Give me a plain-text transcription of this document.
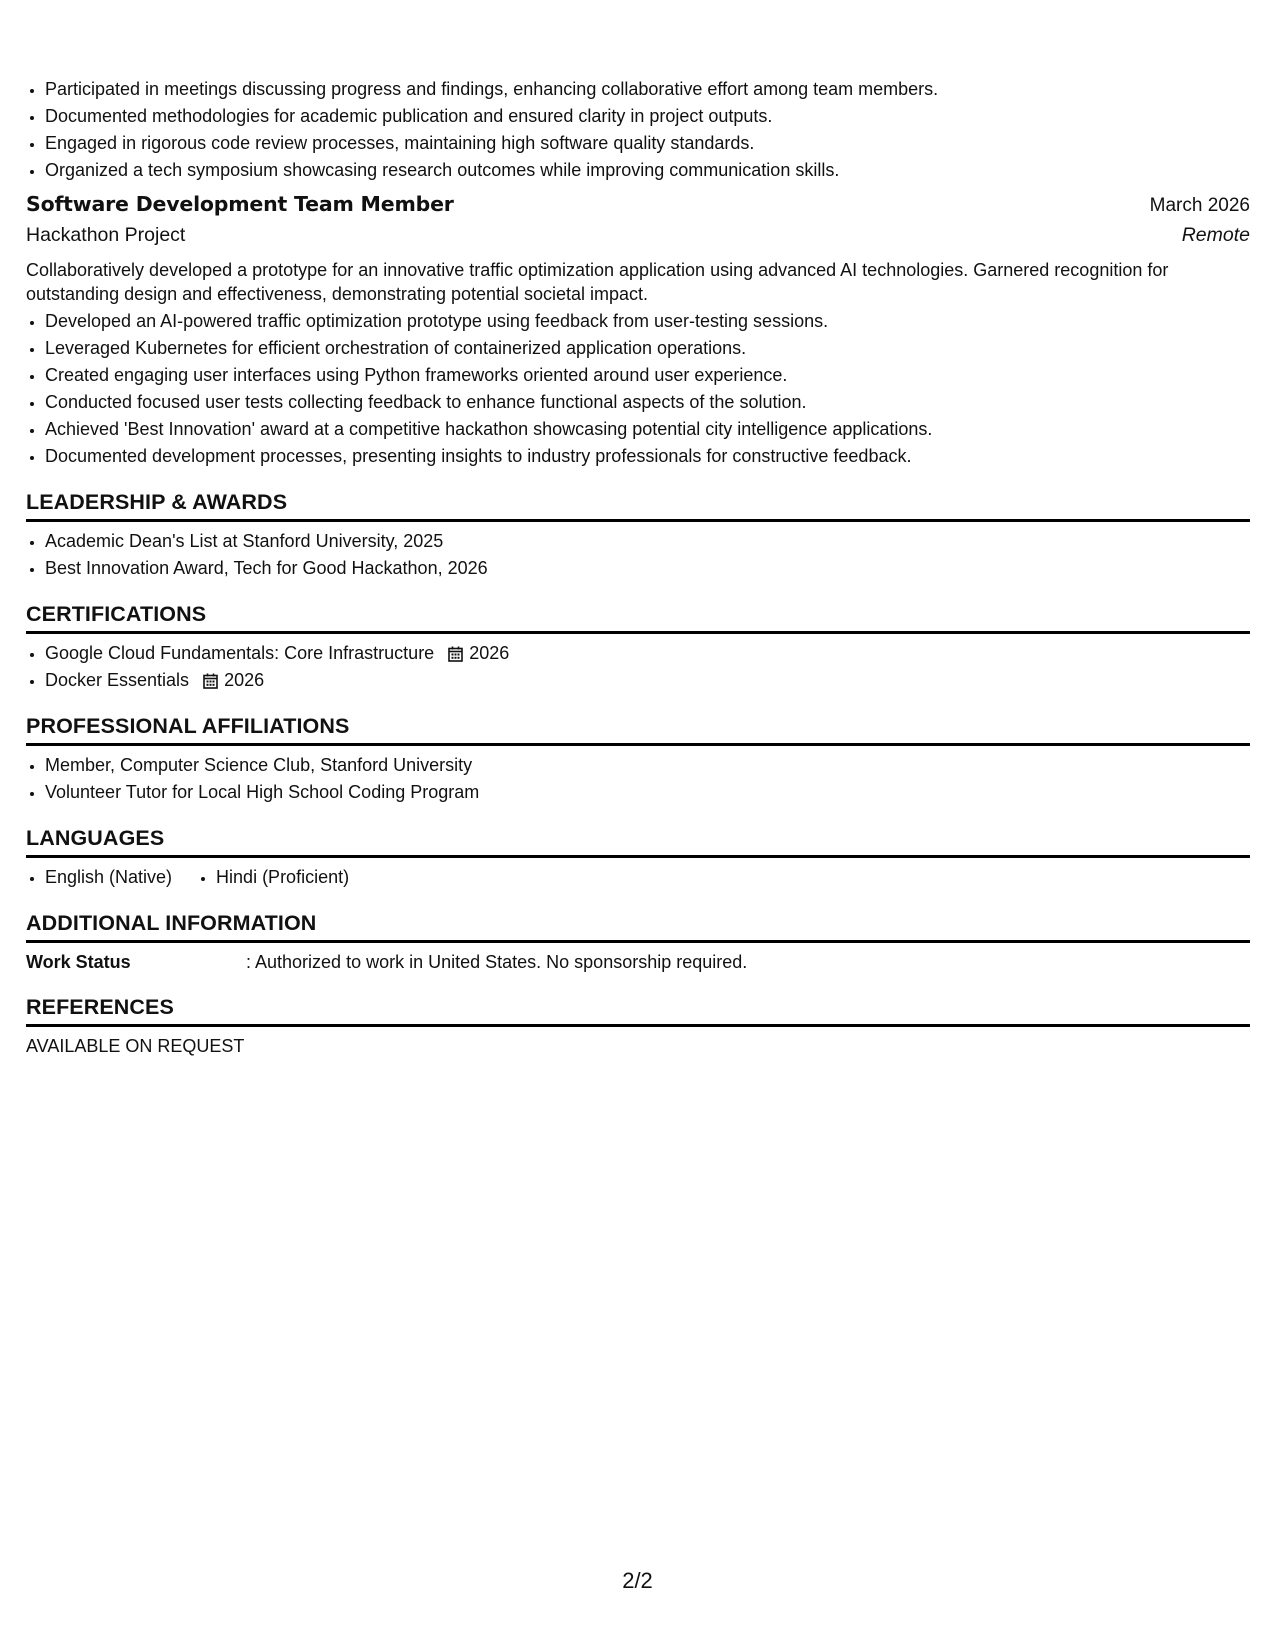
• Participated in meetings discussing progress and findings, enhancing collaborative effort among team members.
• Documented methodologies for academic publication and ensured clarity in project outputs.
• Engaged in rigorous code review processes, maintaining high software quality standards.
• Organized a tech symposium showcasing research outcomes while improving communication skills.
Software Development Team Member	March 2026
Hackathon Project	Remote
Collaboratively developed a prototype for an innovative traffic optimization application using advanced AI technologies. Garnered recognition for outstanding design and effectiveness, demonstrating potential societal impact.
• Developed an AI-powered traffic optimization prototype using feedback from user-testing sessions.
• Leveraged Kubernetes for efficient orchestration of containerized application operations.
• Created engaging user interfaces using Python frameworks oriented around user experience.
• Conducted focused user tests collecting feedback to enhance functional aspects of the solution.
• Achieved 'Best Innovation' award at a competitive hackathon showcasing potential city intelligence applications.
• Documented development processes, presenting insights to industry professionals for constructive feedback.
LEADERSHIP & AWARDS
• Academic Dean's List at Stanford University, 2025
• Best Innovation Award, Tech for Good Hackathon, 2026
CERTIFICATIONS
• Google Cloud Fundamentals: Core Infrastructure 2026
• Docker Essentials 2026
PROFESSIONAL AFFILIATIONS
• Member, Computer Science Club, Stanford University
• Volunteer Tutor for Local High School Coding Program
LANGUAGES
• English (Native)
• Hindi (Proficient)
ADDITIONAL INFORMATION
Work Status	: Authorized to work in United States. No sponsorship required.
REFERENCES
AVAILABLE ON REQUEST
2/2
